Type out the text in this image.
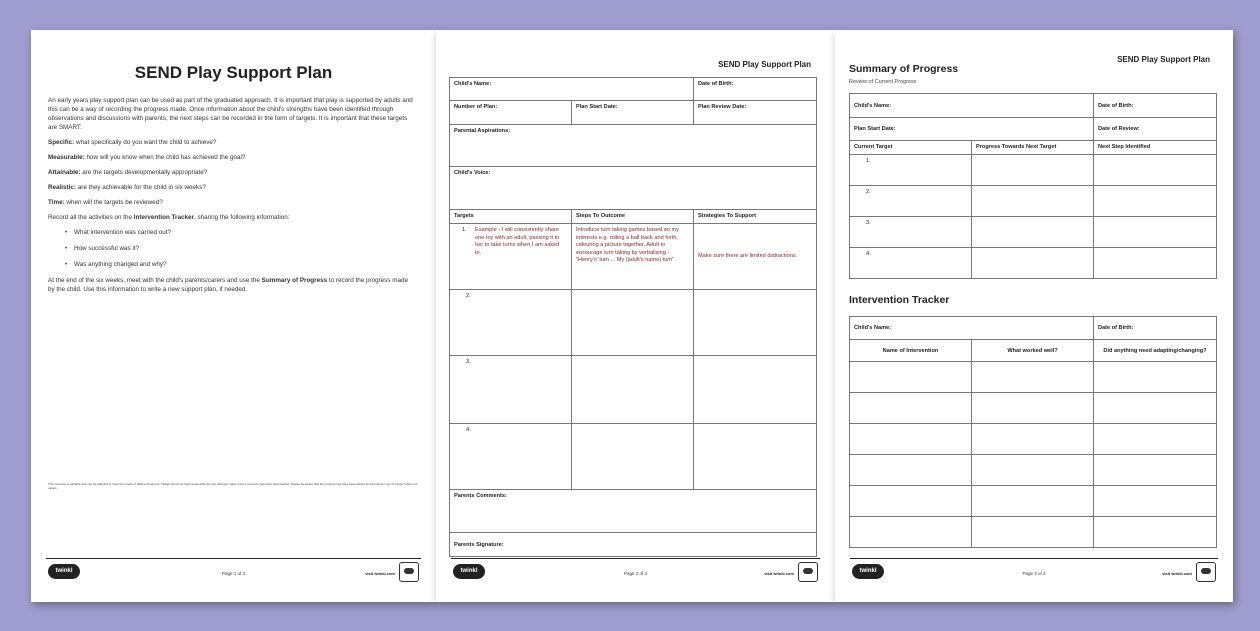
SEND Play Support Plan

An early years play support plan can be used as part of the graduated approach. It is important that play is supported by adults and this can be a way of recording the progress made. Once information about the child's strengths have been identified through observations and discussions with parents, the next steps can be recorded in the form of targets. It is important that these targets are SMART:

Specific: what specifically do you want the child to achieve?

Measurable: how will you know when the child has achieved the goal?

Attainable: are the targets developmentally appropriate?

Realistic: are they achievable for the child in six weeks?

Time: when will the targets be reviewed?

Record all the activities on the Intervention Tracker, sharing the following information:

• What intervention was carried out?
• How successful was it?
• Was anything changed and why?

At the end of the six weeks, meet with the child's parents/carers and use the Summary of Progress to record the progress made by the child. Use this information to write a new support plan, if needed.

This resource is editable and can be adapted to meet the needs of different learners. Twinkl cannot be held responsible for any changes made once a resource has been downloaded. Please be aware that the content may have been edited and therefore may no longer reflect our values.
twinkl	Page 1 of 3	visit twinkl.com
SEND Play Support Plan
Child's Name:		Date of Birth:
Number of Plan:	Plan Start Date:	Plan Review Date:
Parental Aspirations:		
Child's Voice:		
Targets	Steps To Outcome	Strategies To Support

1. Example - I will consistently share one toy with an adult, passing it to her to take turns when I am asked to.	Introduce turn taking games based on my interests e.g. rolling a ball back and forth, colouring a picture together. Adult to encourage turn taking by verbalising - "Henry's' turn ... My (adult's name) turn".	Make sure there are limited distractions.
2.		
3.		
4.		
Parents Comments:		
Parents Signature:		
twinkl	Page 2 of 3	visit twinkl.com
SEND Play Support Plan
Summary of Progress
Review of Current Progress
Child's Name:		Date of Birth:
Plan Start Date:		Date of Review:
Current Target	Progress Towards Next Target	Next Step Identified
1.		
2.		
3.		
4.		
Intervention Tracker
Child's Name:		Date of Birth:
Name of Intervention	What worked well?	Did anything need adapting/changing?

twinkl	Page 3 of 3	visit twinkl.com
